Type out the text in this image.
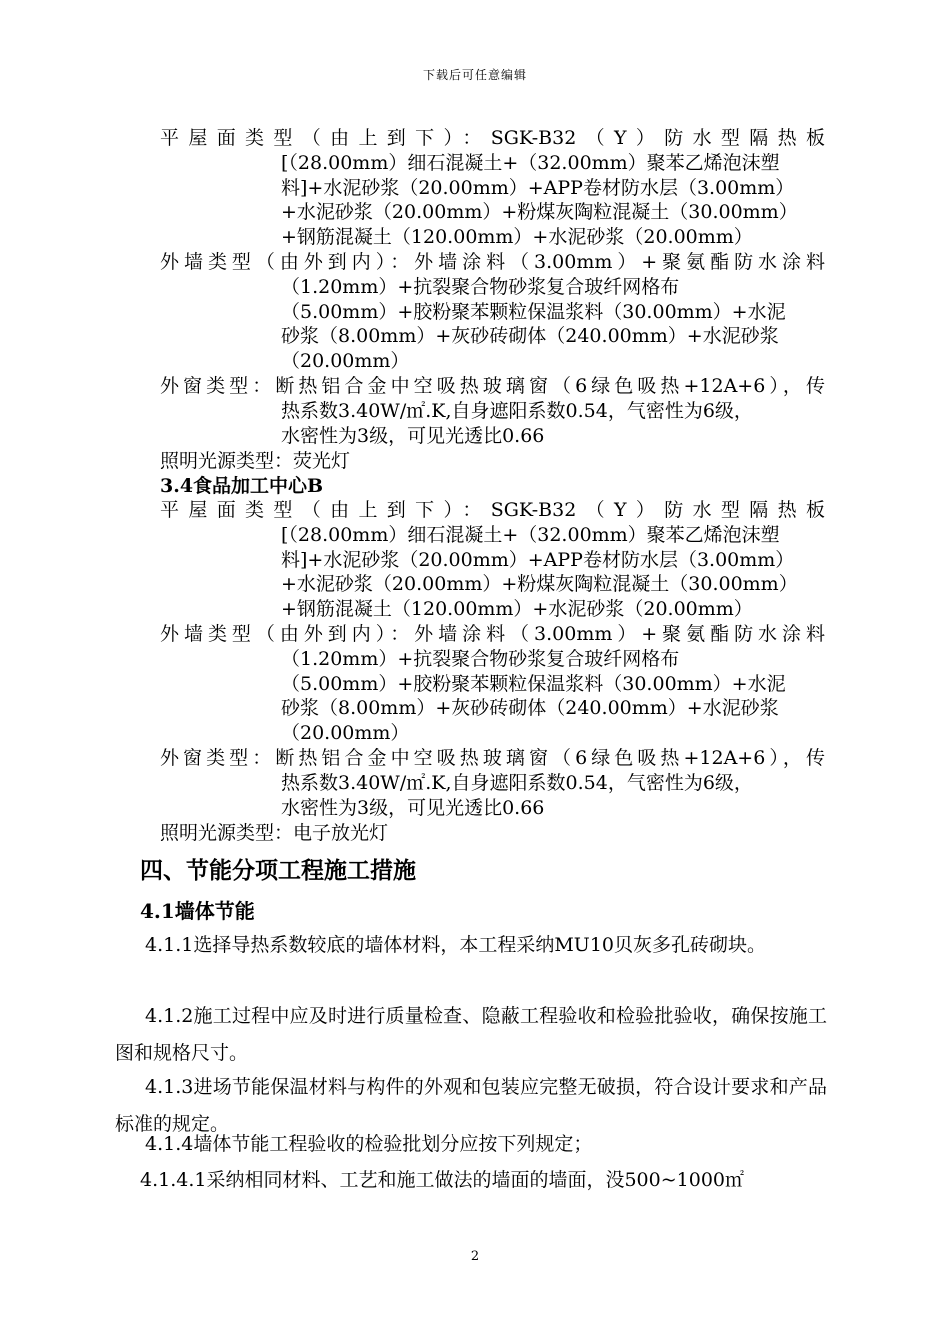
下载后可任意编辑
平屋面类型（由上到下）：SGK-B32（Y）防水型隔热板
[（28.00mm）细石混凝土+（32.00mm）聚苯乙烯泡沫塑
料]+水泥砂浆（20.00mm）+APP卷材防水层（3.00mm）
+水泥砂浆（20.00mm）+粉煤灰陶粒混凝土（30.00mm）
+钢筋混凝土（120.00mm）+水泥砂浆（20.00mm）
外墙类型（由外到内）：外墙涂料（3.00mm）+聚氨酯防水涂料
（1.20mm）+抗裂聚合物砂浆复合玻纤网格布
（5.00mm）+胶粉聚苯颗粒保温浆料（30.00mm）+水泥
砂浆（8.00mm）+灰砂砖砌体（240.00mm）+水泥砂浆
（20.00mm）
外窗类型：断热铝合金中空吸热玻璃窗（6绿色吸热+12A+6），传
热系数3.40W/㎡.K,自身遮阳系数0.54，气密性为6级，
水密性为3级，可见光透比0.66
照明光源类型：荧光灯
3.4食品加工中心B
平屋面类型（由上到下）：SGK-B32（Y）防水型隔热板
[（28.00mm）细石混凝土+（32.00mm）聚苯乙烯泡沫塑
料]+水泥砂浆（20.00mm）+APP卷材防水层（3.00mm）
+水泥砂浆（20.00mm）+粉煤灰陶粒混凝土（30.00mm）
+钢筋混凝土（120.00mm）+水泥砂浆（20.00mm）
外墙类型（由外到内）：外墙涂料（3.00mm）+聚氨酯防水涂料
（1.20mm）+抗裂聚合物砂浆复合玻纤网格布
（5.00mm）+胶粉聚苯颗粒保温浆料（30.00mm）+水泥
砂浆（8.00mm）+灰砂砖砌体（240.00mm）+水泥砂浆
（20.00mm）
外窗类型：断热铝合金中空吸热玻璃窗（6绿色吸热+12A+6），传
热系数3.40W/㎡.K,自身遮阳系数0.54，气密性为6级，
水密性为3级，可见光透比0.66
照明光源类型：电子放光灯
四、节能分项工程施工措施
4.1墙体节能
4.1.1选择导热系数较底的墙体材料，本工程采纳MU10贝灰多孔砖砌块。
4.1.2施工过程中应及时进行质量检查、隐蔽工程验收和检验批验收，确保按施工图和规格尺寸。
4.1.3进场节能保温材料与构件的外观和包装应完整无破损，符合设计要求和产品标准的规定。
4.1.4墙体节能工程验收的检验批划分应按下列规定；
4.1.4.1采纳相同材料、工艺和施工做法的墙面的墙面，没500~1000㎡
2
